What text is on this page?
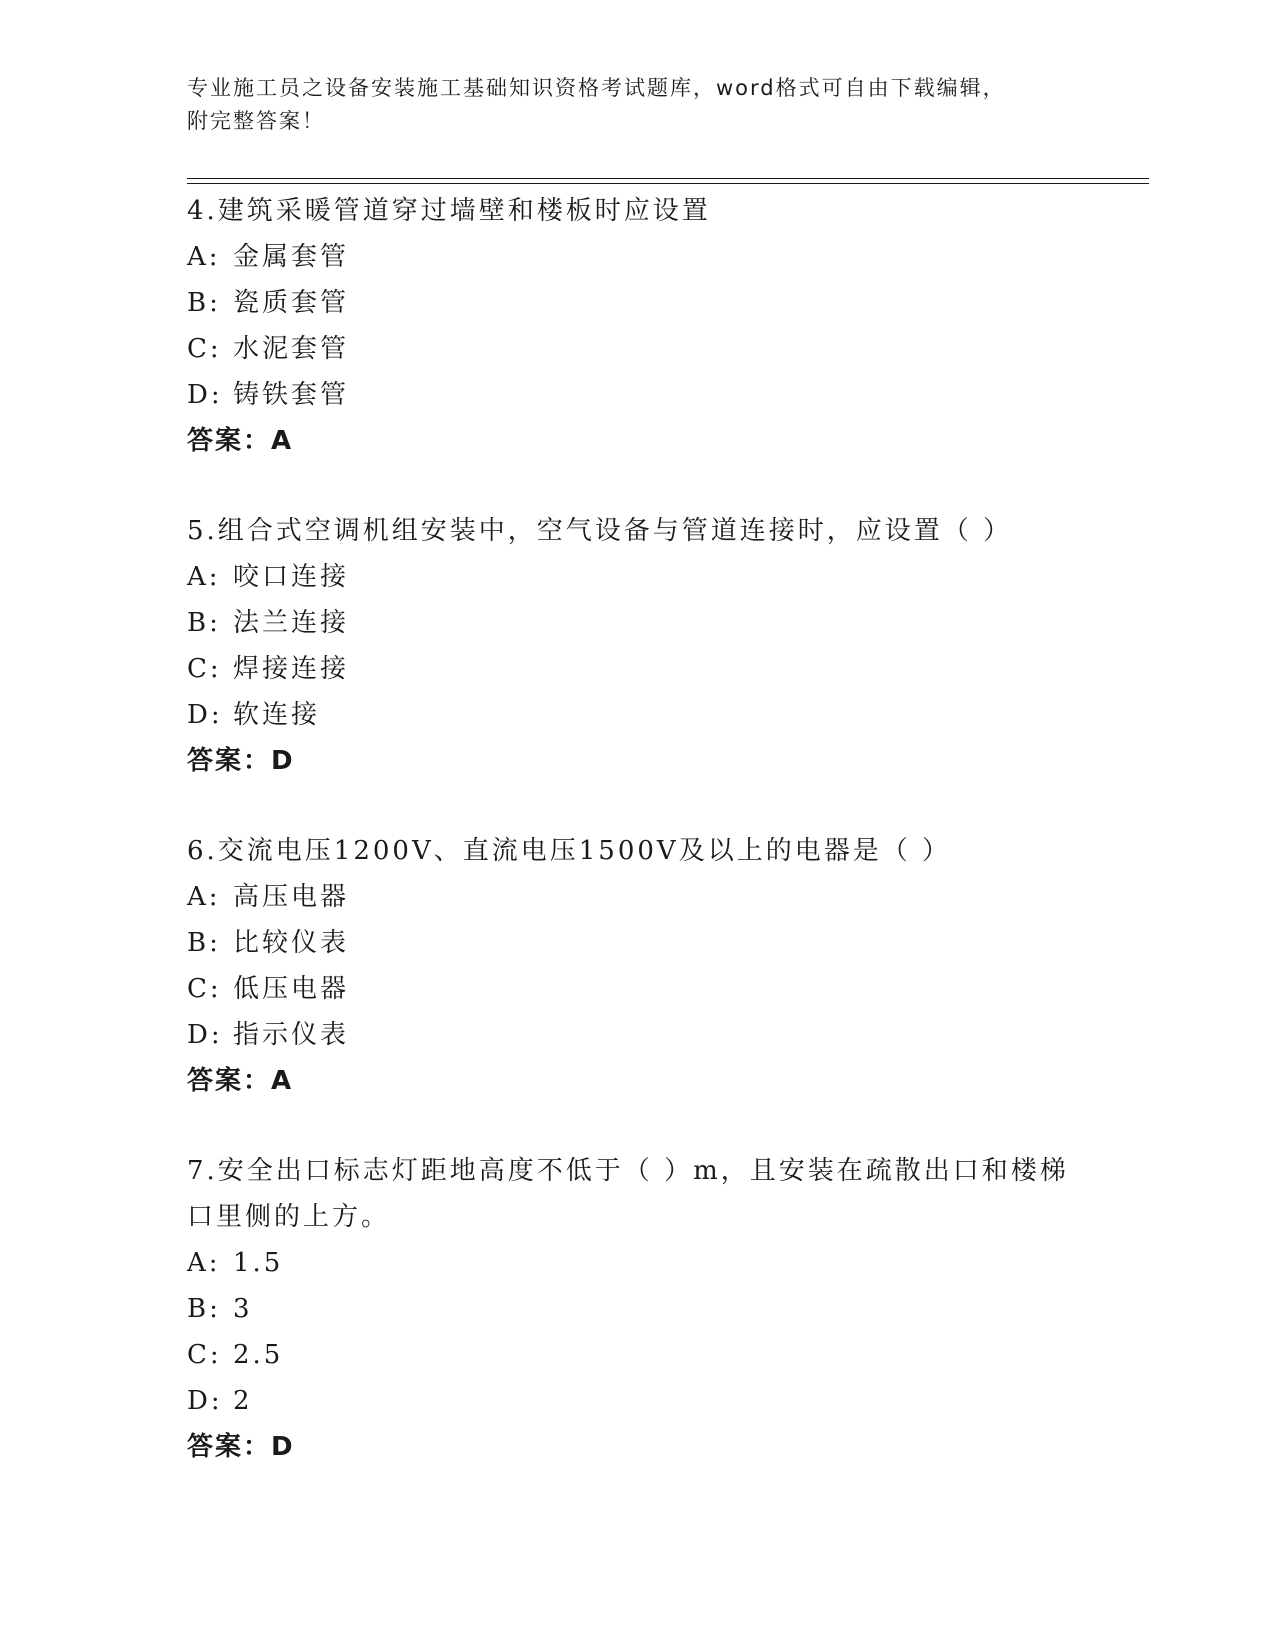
专业施工员之设备安装施工基础知识资格考试题库，word格式可自由下载编辑，
附完整答案！

4.建筑采暖管道穿过墙壁和楼板时应设置

A: 金属套管
B: 瓷质套管
C: 水泥套管
D: 铸铁套管
答案：A

5.组合式空调机组安装中，空气设备与管道连接时，应设置（ ）

A: 咬口连接
B: 法兰连接
C: 焊接连接
D: 软连接
答案：D

6.交流电压1200V、直流电压1500V及以上的电器是（ ）

A: 高压电器
B: 比较仪表
C: 低压电器
D: 指示仪表
答案：A

7.安全出口标志灯距地高度不低于（ ）m，且安装在疏散出口和楼梯口里侧的上方。

A: 1.5
B: 3
C: 2.5
D: 2
答案：D
